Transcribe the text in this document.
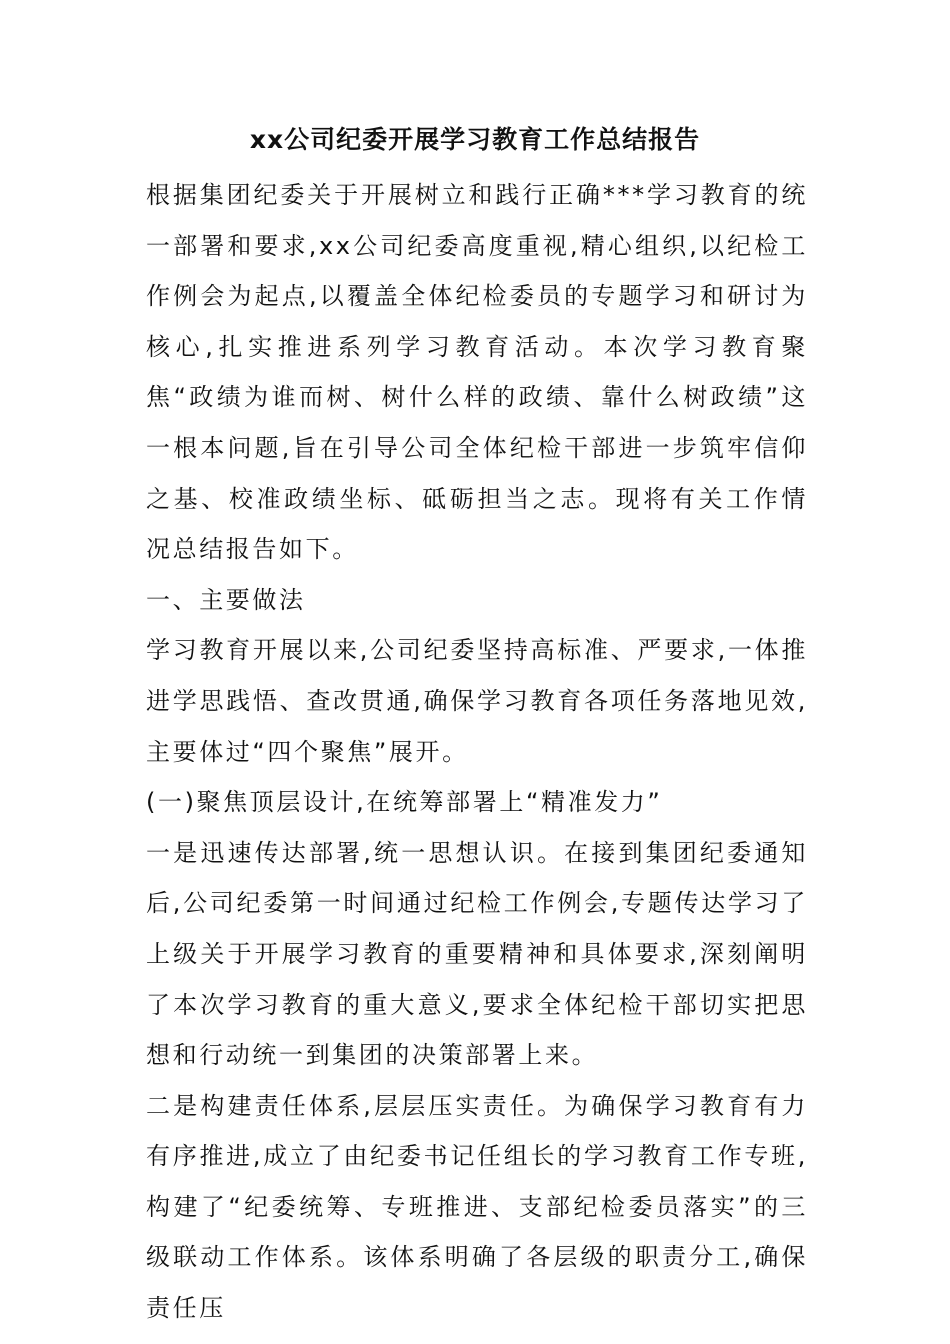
xx公司纪委开展学习教育工作总结报告

根据集团纪委关于开展树立和践行正确***学习教育的统一部署和要求,xx公司纪委高度重视,精心组织,以纪检工作例会为起点,以覆盖全体纪检委员的专题学习和研讨为核心,扎实推进系列学习教育活动。本次学习教育聚焦“政绩为谁而树、树什么样的政绩、靠什么树政绩”这一根本问题,旨在引导公司全体纪检干部进一步筑牢信仰之基、校准政绩坐标、砥砺担当之志。现将有关工作情况总结报告如下。

一、主要做法

学习教育开展以来,公司纪委坚持高标准、严要求,一体推进学思践悟、查改贯通,确保学习教育各项任务落地见效,主要体过“四个聚焦”展开。

(一)聚焦顶层设计,在统筹部署上“精准发力”

一是迅速传达部署,统一思想认识。在接到集团纪委通知后,公司纪委第一时间通过纪检工作例会,专题传达学习了上级关于开展学习教育的重要精神和具体要求,深刻阐明了本次学习教育的重大意义,要求全体纪检干部切实把思想和行动统一到集团的决策部署上来。

二是构建责任体系,层层压实责任。为确保学习教育有力有序推进,成立了由纪委书记任组长的学习教育工作专班,构建了“纪委统筹、专班推进、支部纪检委员落实”的三级联动工作体系。该体系明确了各层级的职责分工,确保责任压
